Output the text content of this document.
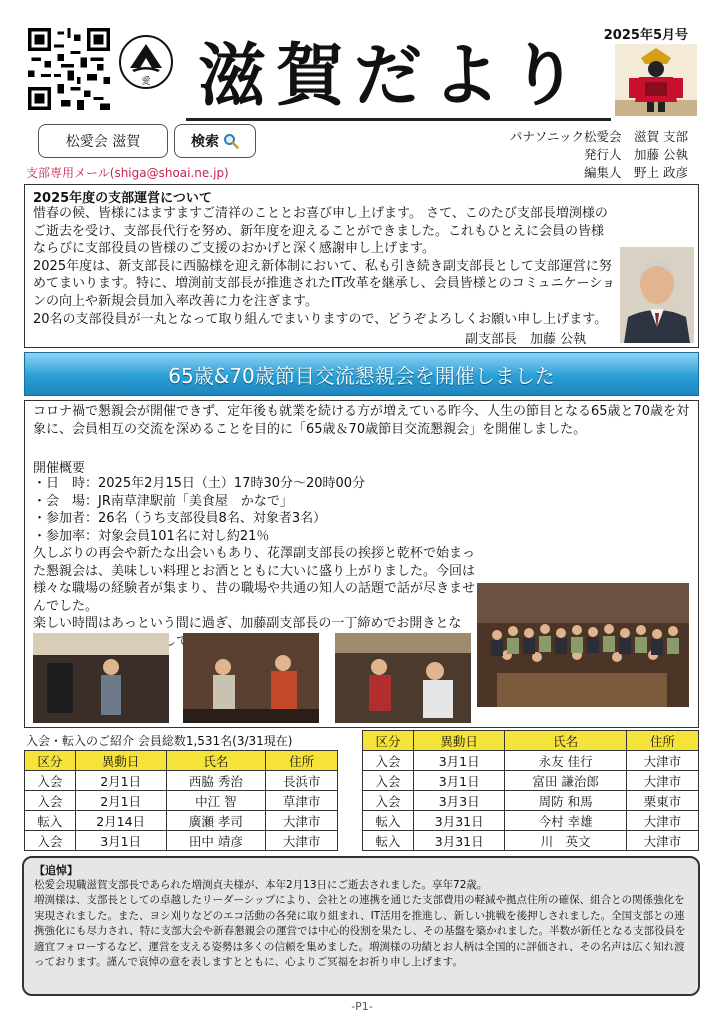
愛 滋賀だより
2025年5月号
松愛会 滋賀	検索
支部専用メール(shiga@shoai.ne.jp)
パナソニック松愛会　滋賀 支部
発行人　加藤 公執
編集人　野上 政彦
2025年度の支部運営について
惜春の候、皆様にはますますご清祥のこととお喜び申し上げます。 さて、このたび支部長増渕様のご逝去を受け、支部長代行を努め、新年度を迎えることができました。これもひとえに会員の皆様ならびに支部役員の皆様のご支援のおかげと深く感謝申し上げます。
2025年度は、新支部長に西脇様を迎え新体制において、私も引き続き副支部長として支部運営に努めてまいります。特に、増渕前支部長が推進されたIT改革を継承し、会員皆様とのコミュニケーションの向上や新規会員加入率改善に力を注ぎます。
20名の支部役員が一丸となって取り組んでまいりますので、どうぞよろしくお願い申し上げます。
副支部長　加藤 公執
65歳&70歳節目交流懇親会を開催しました
コロナ禍で懇親会が開催できず、定年後も就業を続ける方が増えている昨今、人生の節目となる65歳と70歳を対象に、会員相互の交流を深めることを目的に「65歳＆70歳節目交流懇親会」を開催しました。
開催概要
・日　時：2025年2月15日（土）17時30分～20時00分
・会　場：JR南草津駅前「美食屋　かなで」
・参加者：26名（うち支部役員8名、対象者3名）
・参加率：対象会員101名に対し約21％
久しぶりの再会や新たな出会いもあり、花澤副支部長の挨拶と乾杯で始まった懇親会は、美味しい料理とお酒とともに大いに盛り上がりました。今回は様々な職場の経験者が集まり、昔の職場や共通の知人の話題で話が尽きませんでした。
楽しい時間はあっという間に過ぎ、加藤副支部長の一丁締めでお開きとな をして
入会・転入のご紹介 会員総数1,531名(3/31現在)
区分	異動日	氏名	住所
入会	2月1日	西脇 秀治	長浜市
入会	2月1日	中江 智	草津市
転入	2月14日	廣瀬 孝司	大津市
入会	3月1日	田中 靖彦	大津市
区分	異動日	氏名	住所
入会	3月1日	永友 佳行	大津市
入会	3月1日	富田 謙治郎	大津市
入会	3月3日	周防 和馬	栗東市
転入	3月31日	今村 幸雄	大津市
転入	3月31日	川　英文	大津市
【追悼】
松愛会現職滋賀支部長であられた増渕貞夫様が、本年2月13日にご逝去されました。享年72歳。
増渕様は、支部長としての卓越したリーダーシップにより、会社との連携を通じた支部費用の軽減や拠点住所の確保、組合との関係強化を実現されました。また、ヨシ刈りなどのエコ活動の各発に取り組まれ、IT活用を推進し、新しい挑戦を後押しされました。全国支部との連携強化にも尽力され、特に支部大会や新春懇親会の運営では中心的役割を果たし、その基盤を築かれました。半数が新任となる支部役員を適宜フォローするなど、運営を支える姿勢は多くの信頼を集めました。増渕様の功績とお人柄は全国的に評価され、その名声は広く知れ渡っております。謹んで哀悼の意を表しますとともに、心よりご冥福をお祈り申し上げます。
-P1-
